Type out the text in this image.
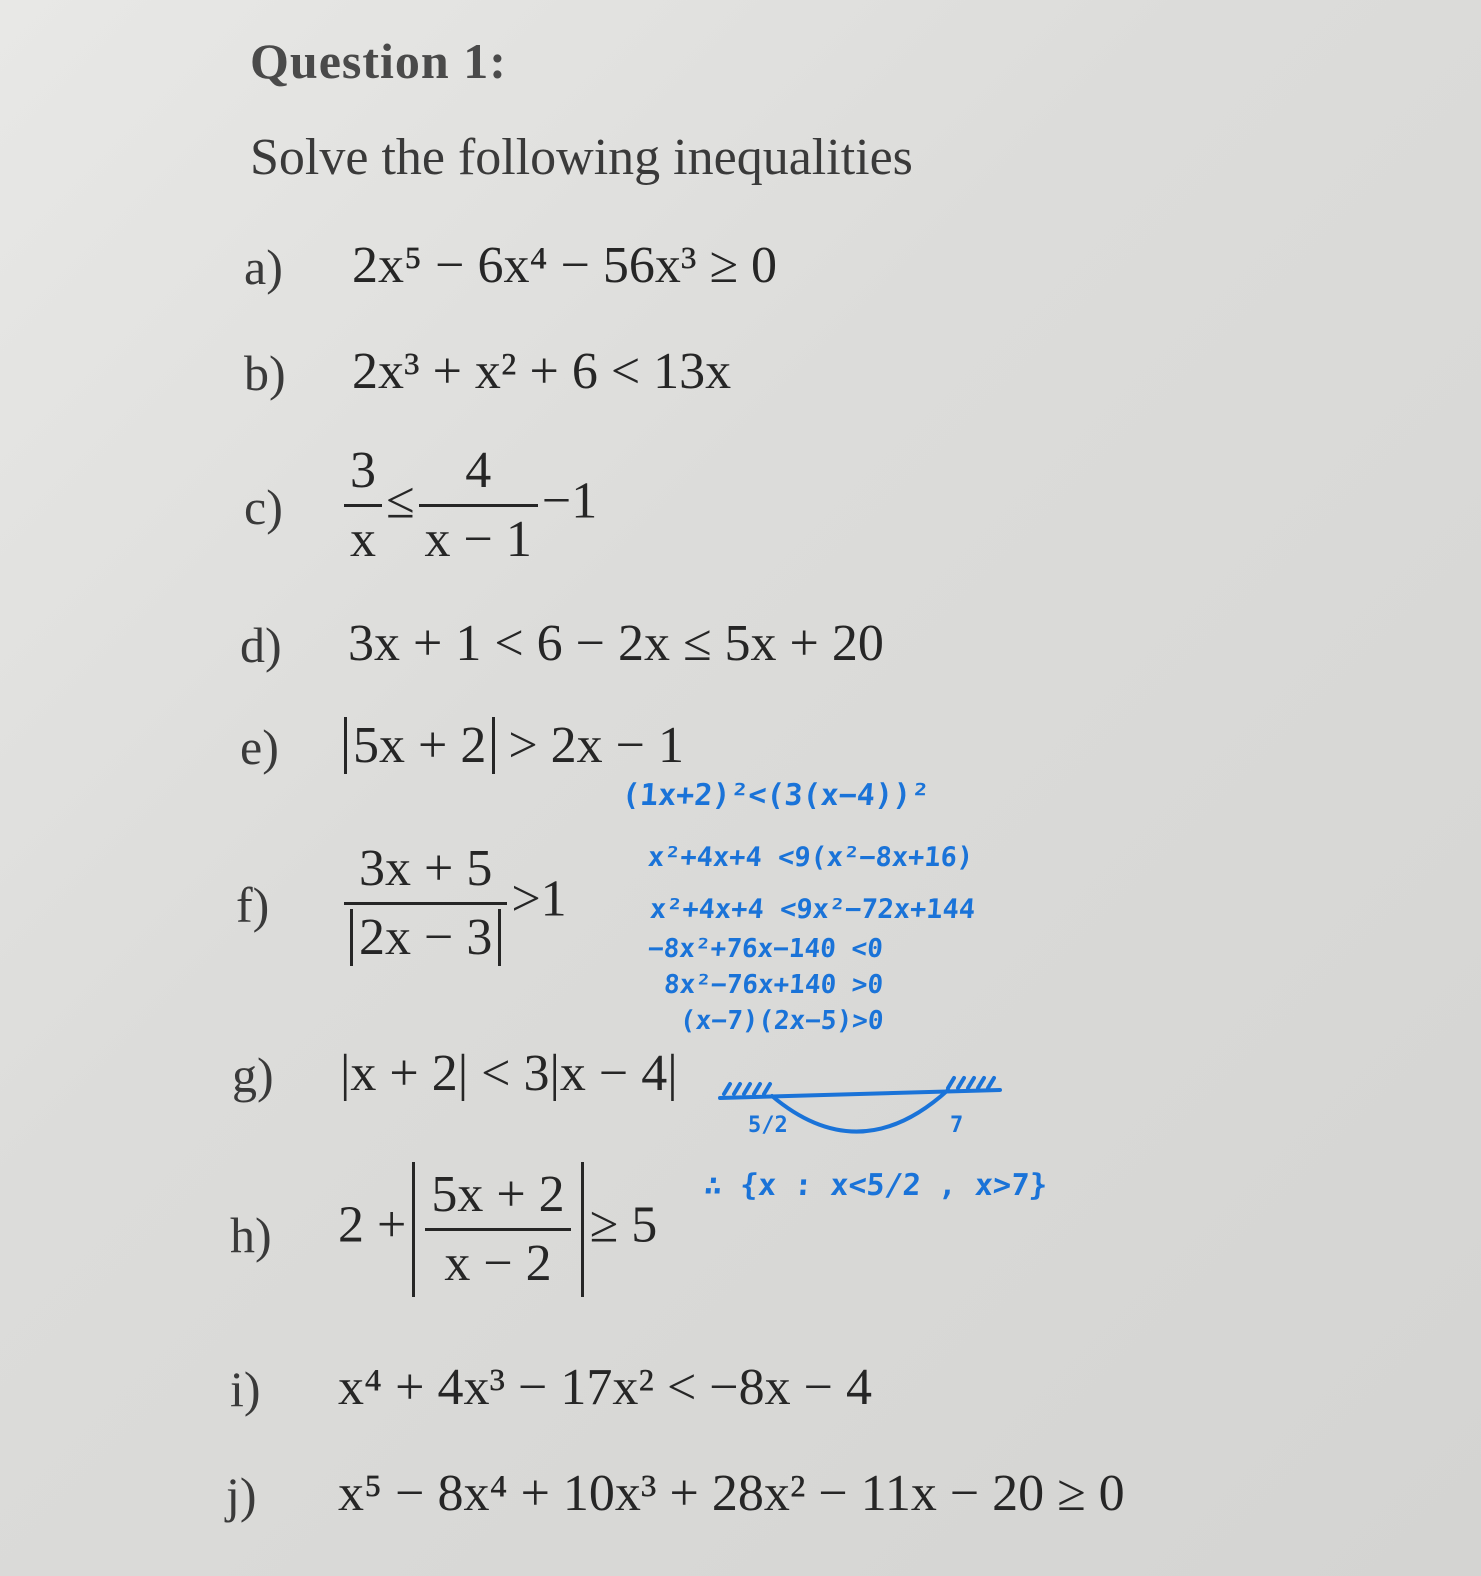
Question 1:
Solve the following inequalities
a) 2x⁵ − 6x⁴ − 56x³ ≥ 0
b) 2x³ + x² + 6 < 13x
$c) \frac{3}{x} \le \frac{4}{x - 1} -1$
d) 3x + 1 < 6 − 2x ≤ 5x + 20
e) 5x + 2 > 2x − 1
$f) \frac{3x + 5}{2x - 3} >1$
g) |x + 2| < 3|x − 4|
h) $2 + \frac{5x + 2}{x - 2} \ge 5$
i) x⁴ + 4x³ − 17x² < −8x − 4
j) x⁵ − 8x⁴ + 10x³ + 28x² − 11x − 20 ≥ 0
(1x+2)²<(3(x−4))²
x²+4x+4 <9(x²−8x+16)
x²+4x+4 <9x²−72x+144
−8x²+76x−140 <0
8x²−76x+140 >0
(x−7)(2x−5)>0
5/2	7
∴ {x : x<5/2 , x>7}
